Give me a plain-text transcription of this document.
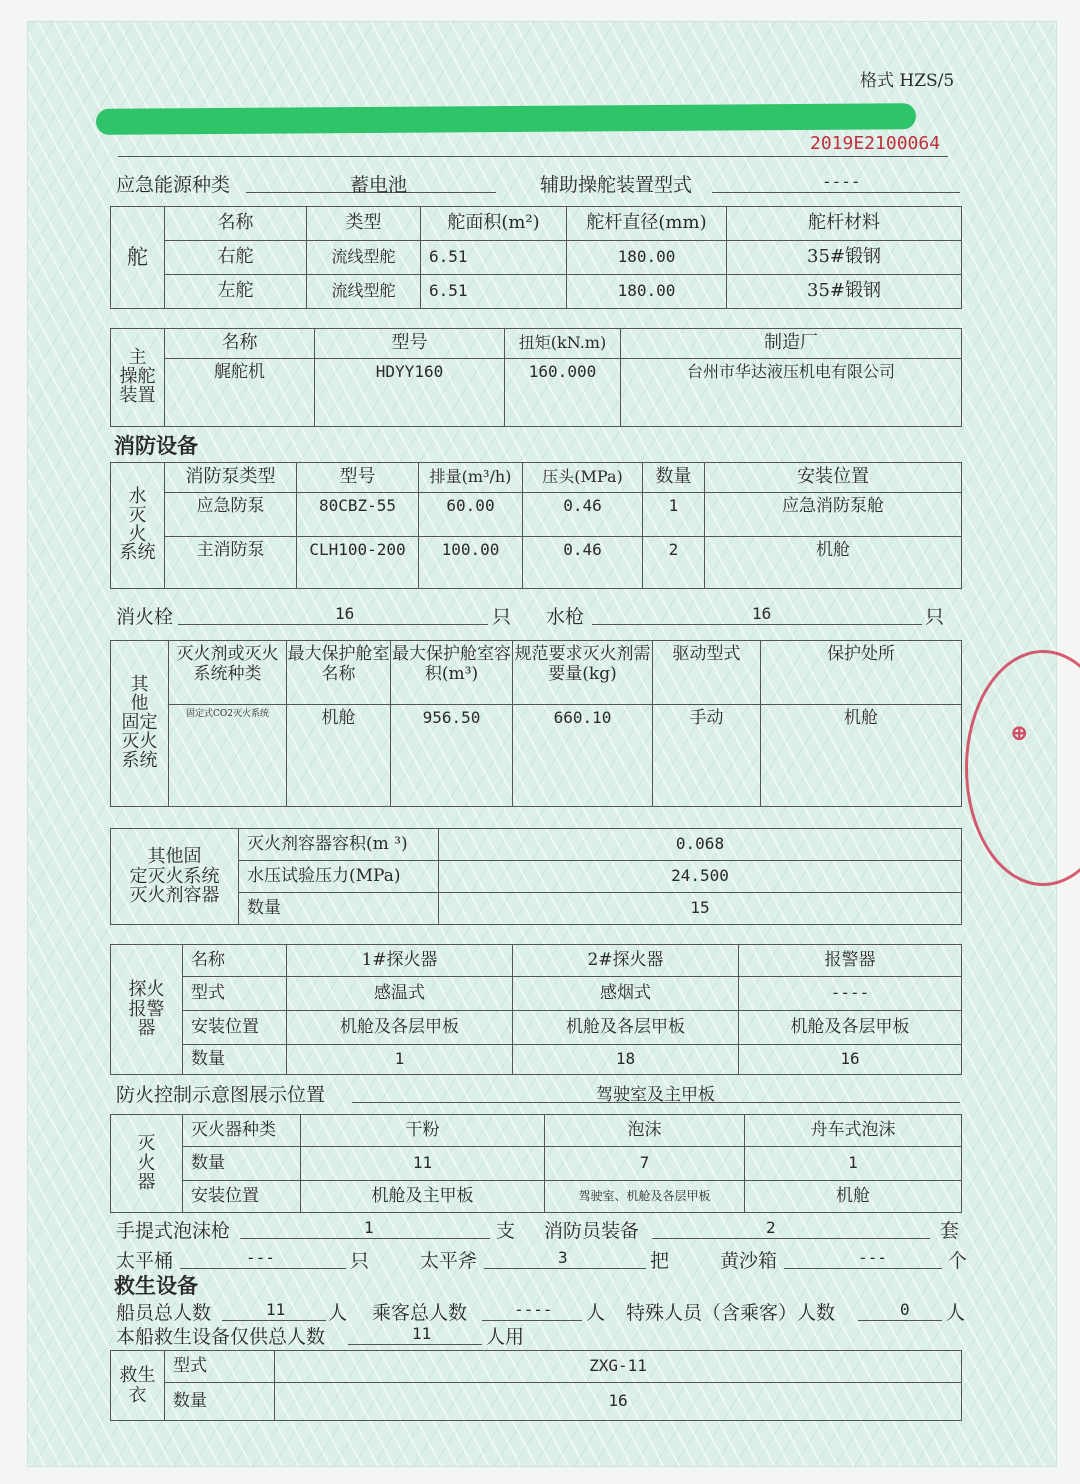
格式 HZS/5
2019E2100064
应急能源种类	蓄电池	辅助操舵装置型式	----
舵	名称	类型	舵面积(m²)	舵杆直径(mm)	舵杆材料
	右舵	流线型舵	6.51	180.00	35#锻钢
	左舵	流线型舵	6.51	180.00	35#锻钢
主
操舵
装置	名称	型号	扭矩(kN.m)	制造厂
	艉舵机	HDYY160	160.000	台州市华达液压机电有限公司
消防设备
水
灭
火
系统	消防泵类型	型号	排量(m³/h)	压头(MPa)	数量	安装位置
	应急防泵	80CBZ-55	60.00	0.46	1	应急消防泵舱
	主消防泵	CLH100-200	100.00	0.46	2	机舱
消火栓	16	只 水枪	16	只
其
他
固定
灭火
系统	灭火剂或灭火系统种类	最大保护舱室名称	最大保护舱室容积(m³)	规范要求灭火剂需要量(kg)	驱动型式	保护处所
	固定式CO2灭火系统	机舱	956.50	660.10	手动	机舱
其他固
定灭火系统
灭火剂容器	灭火剂容器容积(m ³)	0.068
	水压试验压力(MPa)	24.500
	数量	15
探火
报警
器	名称	1#探火器	2#探火器	报警器
	型式	感温式	感烟式	----
	安装位置	机舱及各层甲板	机舱及各层甲板	机舱及各层甲板
	数量	1	18	16
防火控制示意图展示位置	驾驶室及主甲板
灭
火
器	灭火器种类	干粉	泡沫	舟车式泡沫
	数量	11	7	1
	安装位置	机舱及主甲板	驾驶室、机舱及各层甲板	机舱
手提式泡沫枪	1	支 消防员装备	2	套
太平桶	---	只	太平斧	3	把	黄沙箱	---	个
救生设备
船员总人数	11 人 乘客总人数	---- 人 特殊人员（含乘客）人数	0 人
本船救生设备仅供总人数	11	人用
救生
衣	型式	ZXG-11
	数量	16
⊕
